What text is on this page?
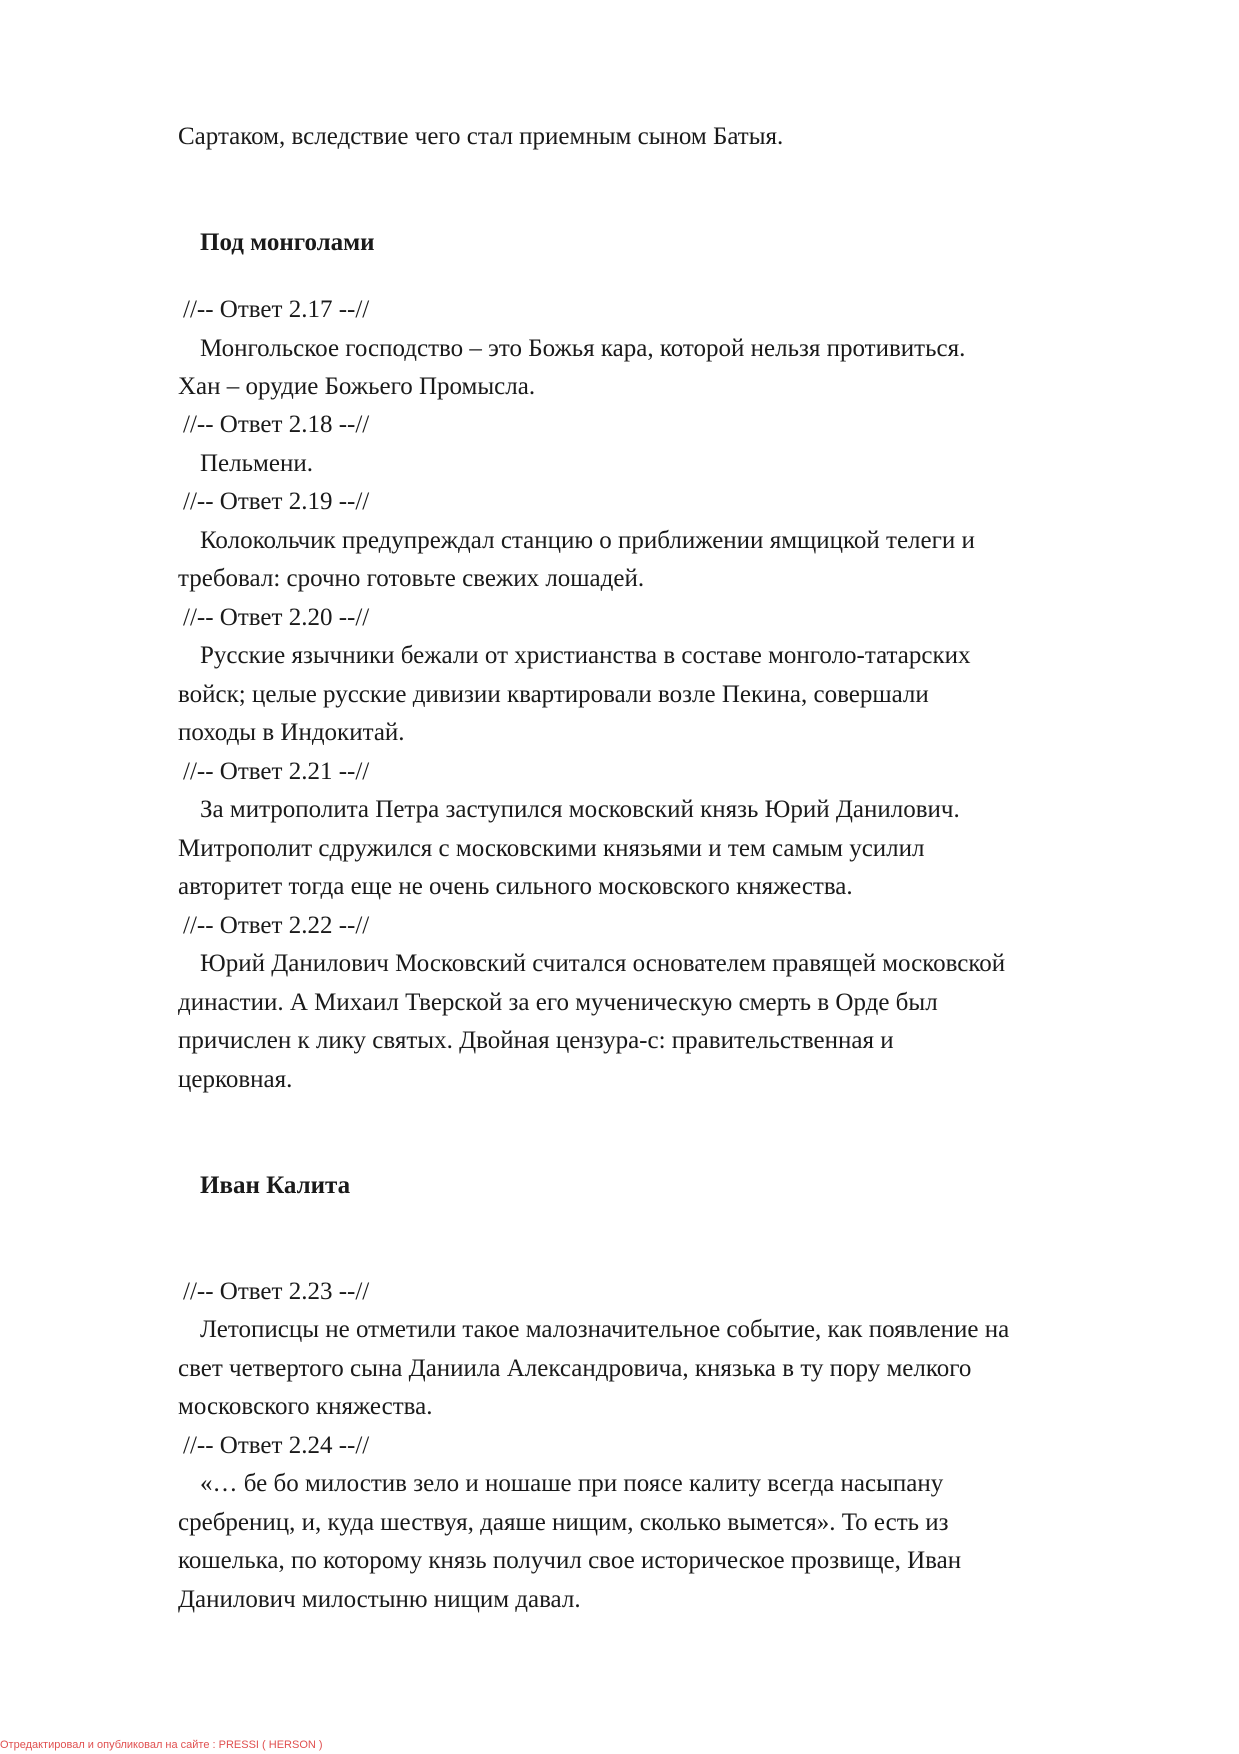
Сартаком, вследствие чего стал приемным сыном Батыя.
Под монголами
//-- Ответ 2.17 --//
Монгольское господство – это Божья кара, которой нельзя противиться.
Хан – орудие Божьего Промысла.
//-- Ответ 2.18 --//
Пельмени.
//-- Ответ 2.19 --//
Колокольчик предупреждал станцию о приближении ямщицкой телеги и
требовал: срочно готовьте свежих лошадей.
//-- Ответ 2.20 --//
Русские язычники бежали от христианства в составе монголо-татарских
войск; целые русские дивизии квартировали возле Пекина, совершали
походы в Индокитай.
//-- Ответ 2.21 --//
За митрополита Петра заступился московский князь Юрий Данилович.
Митрополит сдружился с московскими князьями и тем самым усилил
авторитет тогда еще не очень сильного московского княжества.
//-- Ответ 2.22 --//
Юрий Данилович Московский считался основателем правящей московской
династии. А Михаил Тверской за его мученическую смерть в Орде был
причислен к лику святых. Двойная цензура-с: правительственная и
церковная.
Иван Калита
//-- Ответ 2.23 --//
Летописцы не отметили такое малозначительное событие, как появление на
свет четвертого сына Даниила Александровича, князька в ту пору мелкого
московского княжества.
//-- Ответ 2.24 --//
«… бе бо милостив зело и ношаше при поясе калиту всегда насыпану
сребрениц, и, куда шествуя, даяше нищим, сколько вымется». То есть из
кошелька, по которому князь получил свое историческое прозвище, Иван
Данилович милостыню нищим давал.
Отредактировал и опубликовал на сайте : PRESSI ( HERSON )
